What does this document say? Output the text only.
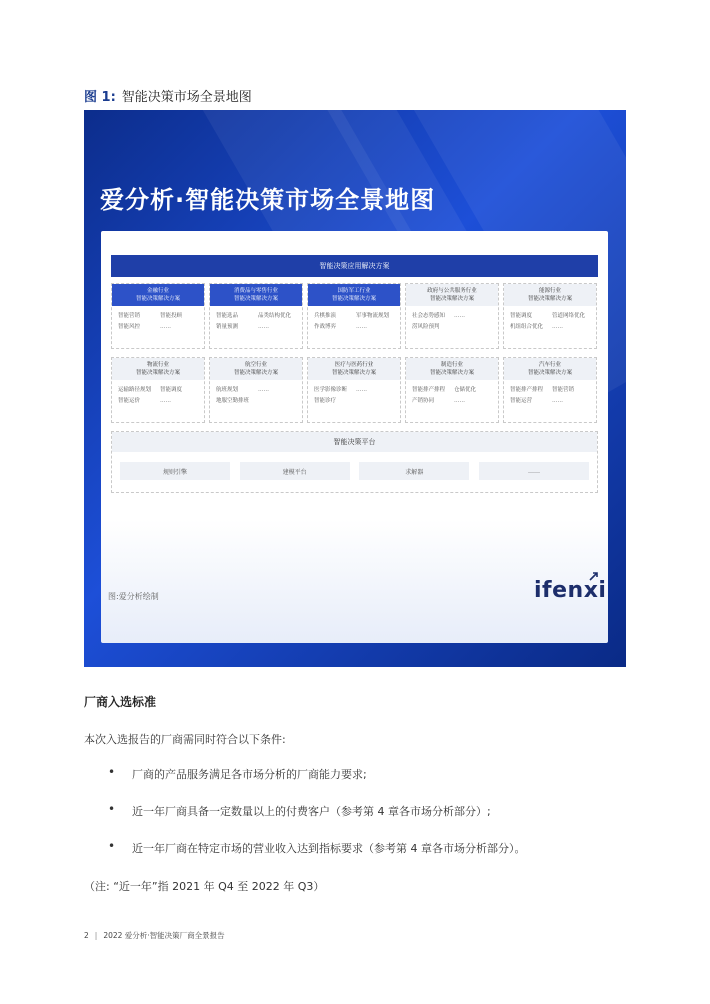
图 1: 智能决策市场全景地图
爱分析·智能决策市场全景地图
智能决策应用解决方案
金融行业
智能决策解决方案
智能营销	智能投顾
智能风控	……
消费品与零售行业
智能决策解决方案
智能选品	品类结构优化
销量预测	……
国防军工行业
智能决策解决方案
兵棋推演	军事物流规划
作战博弈	……
政府与公共服务行业
智能决策解决方案
社会态势感知	……
涝风险预判
能源行业
智能决策解决方案
智能调度	管道网络优化
机组组合优化	……
物流行业
智能决策解决方案
运输路径规划	智能调度
智能运价	……
航空行业
智能决策解决方案
航班规划	……
地服空勤排班
医疗与医药行业
智能决策解决方案
医学影像诊断	……
智能诊疗
制造行业
智能决策解决方案
智能排产排程	仓储优化
产销协同	……
汽车行业
智能决策解决方案
智能排产排程	智能营销
智能运营	……
智能决策平台
规则引擎	建模平台	求解器	……
图:爱分析绘制	ifenxi
厂商入选标准
本次入选报告的厂商需同时符合以下条件:
• 厂商的产品服务满足各市场分析的厂商能力要求;
• 近一年厂商具备一定数量以上的付费客户（参考第 4 章各市场分析部分）;
• 近一年厂商在特定市场的营业收入达到指标要求（参考第 4 章各市场分析部分）。
（注: “近一年”指 2021 年 Q4 至 2022 年 Q3）
2 | 2022 爱分析·智能决策厂商全景报告
